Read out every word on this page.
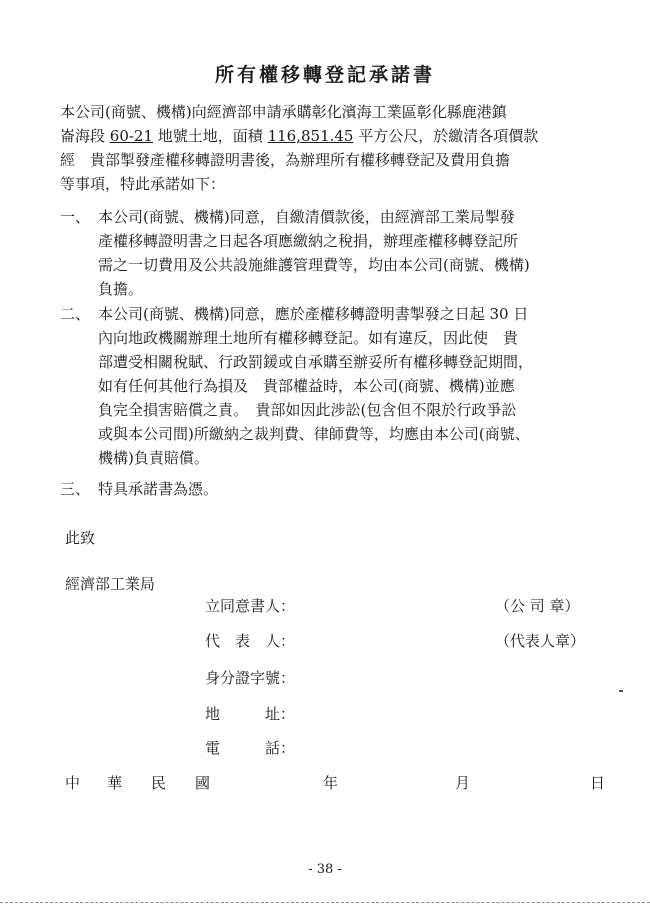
所有權移轉登記承諾書
本公司(商號、機構)向經濟部申請承購彰化濱海工業區彰化縣鹿港鎮
崙海段 60-21 地號土地，面積 116,851.45 平方公尺，於繳清各項價款
經　貴部掣發產權移轉證明書後，為辦理所有權移轉登記及費用負擔
等事項，特此承諾如下：
一、 本公司(商號、機構)同意，自繳清價款後，由經濟部工業局掣發
產權移轉證明書之日起各項應繳納之稅捐，辦理產權移轉登記所
需之一切費用及公共設施維護管理費等，均由本公司(商號、機構)
負擔。
二、 本公司(商號、機構)同意，應於產權移轉證明書掣發之日起 30 日
內向地政機關辦理土地所有權移轉登記。如有違反，因此使　貴
部遭受相關稅賦、行政罰鍰或自承購至辦妥所有權移轉登記期間，
如有任何其他行為損及　貴部權益時，本公司(商號、機構)並應
負完全損害賠償之責。　貴部如因此涉訟(包含但不限於行政爭訟
或與本公司間)所繳納之裁判費、律師費等，均應由本公司(商號、
機構)負責賠償。
三、 特具承諾書為憑。
此致
經濟部工業局
立同意書人：	（公 司 章）
代　表　人：	（代表人章）
身分證字號：
地　　　址：
電　　　話：
中 華 民 國	年	月	日
- 38 -
